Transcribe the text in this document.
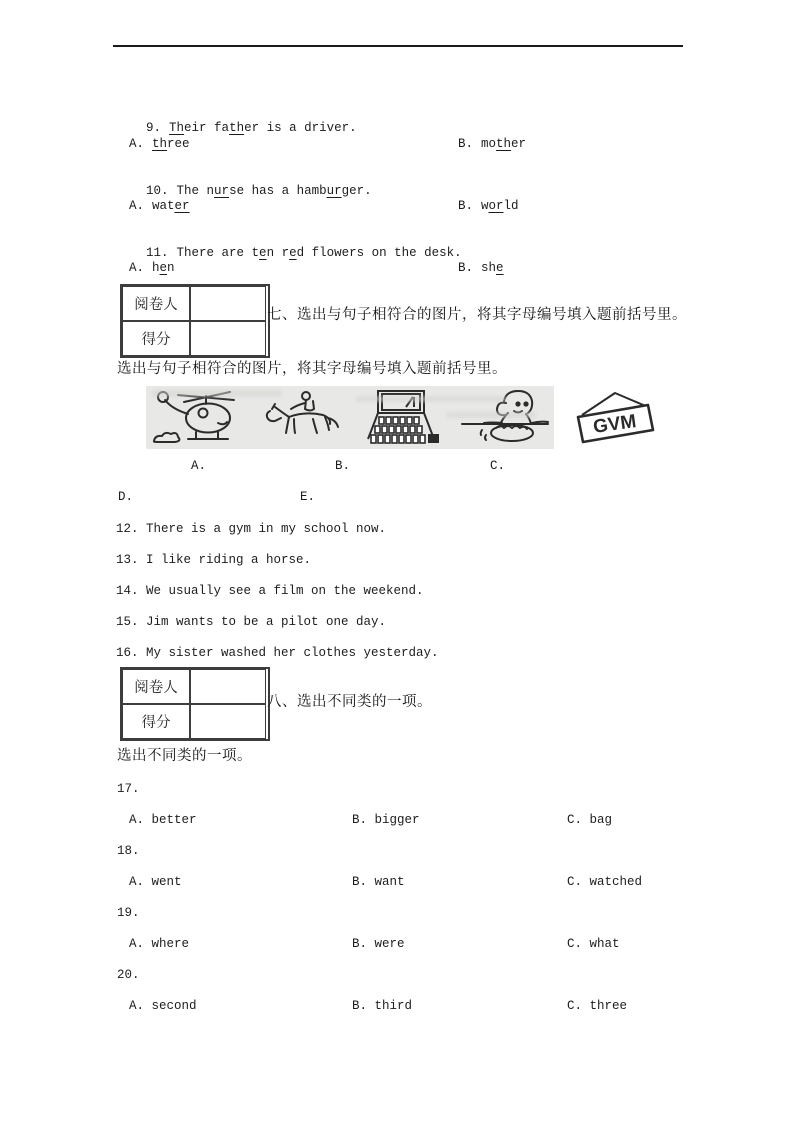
9. Their father is a driver.

A. three

	B. mother

10. The nurse has a hamburger.

A. water

	B. world

11. There are ten red flowers on the desk.

A. hen

	B. she

阅卷人
得分
七、选出与句子相符合的图片，将其字母编号填入题前括号里。
选出与句子相符合的图片，将其字母编号填入题前括号里。
GVM
A.	B.	C.
D.	E.
12. There is a gym in my school now.
13. I like riding a horse.
14. We usually see a film on the weekend.
15. Jim wants to be a pilot one day.
16. My sister washed her clothes yesterday.
阅卷人
得分
八、选出不同类的一项。
选出不同类的一项。
17.

A. better

	B. bigger

	C. bag

18.

A. went

	B. want

	C. watched

19.

A. where

	B. were

	C. what

20.

A. second

	B. third

	C. three
